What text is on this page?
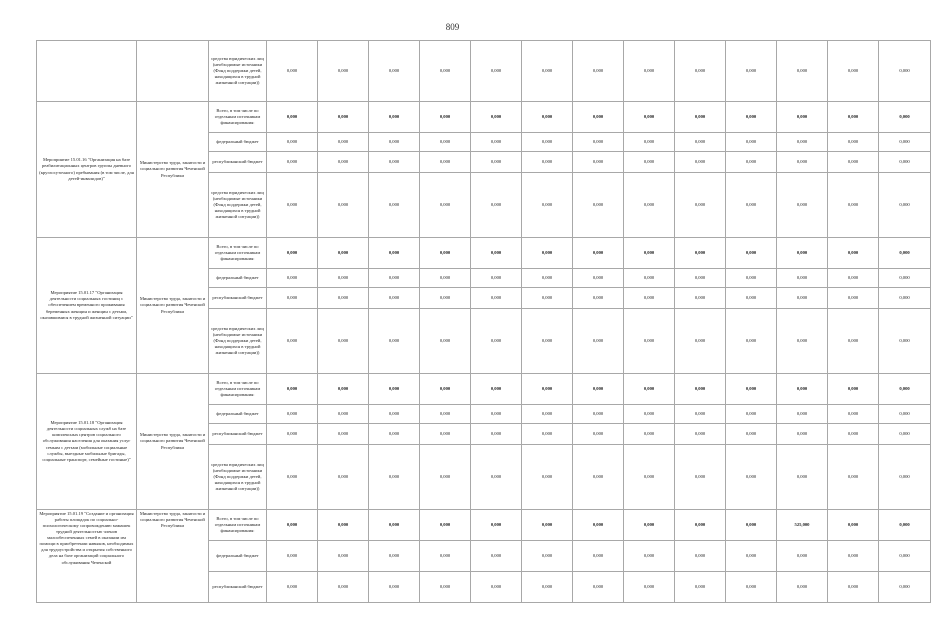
809
		средства юридических лиц (необходимые источники (Фонд поддержки детей, находящихся в трудной жизненной ситуации))	0,000	0,000	0,000	0,000	0,000	0,000	0,000	0,000	0,000	0,000	0,000	0,000	0,000
Мероприятие 15.01.16 "Организация на базе реабилитационных центров группы дневного (круглосуточного) пребывания (в том числе, для детей-инвалидов)"	Министерство труда, занятости и социального развития Чеченской Республики	Всего, в том числе по отдельным источникам финансирования:	0,000	0,000	0,000	0,000	0,000	0,000	0,000	0,000	0,000	0,000	0,000	0,000	0,000
		федеральный бюджет	0,000	0,000	0,000	0,000	0,000	0,000	0,000	0,000	0,000	0,000	0,000	0,000	0,000
		республиканский бюджет	0,000	0,000	0,000	0,000	0,000	0,000	0,000	0,000	0,000	0,000	0,000	0,000	0,000
		средства юридических лиц (необходимые источники (Фонд поддержки детей, находящихся в трудной жизненной ситуации))	0,000	0,000	0,000	0,000	0,000	0,000	0,000	0,000	0,000	0,000	0,000	0,000	0,000
Мероприятие 15.01.17 "Организация деятельности социальных гостиниц с обеспечением временного проживания беременных женщин и женщин с детьми, оказавшимися в трудной жизненной ситуации"	Министерство труда, занятости и социального развития Чеченской Республики	Всего, в том числе по отдельным источникам финансирования:	0,000	0,000	0,000	0,000	0,000	0,000	0,000	0,000	0,000	0,000	0,000	0,000	0,000
		федеральный бюджет	0,000	0,000	0,000	0,000	0,000	0,000	0,000	0,000	0,000	0,000	0,000	0,000	0,000
		республиканский бюджет	0,000	0,000	0,000	0,000	0,000	0,000	0,000	0,000	0,000	0,000	0,000	0,000	0,000
		средства юридических лиц (необходимые источники (Фонд поддержки детей, находящихся в трудной жизненной ситуации))	0,000	0,000	0,000	0,000	0,000	0,000	0,000	0,000	0,000	0,000	0,000	0,000	0,000
Мероприятие 15.01.18 "Организация деятельности социальных служб на базе комплексных центров социального обслуживания населения для оказания услуг семьям с детьми (мобильные социальные службы, выездные мобильные бригады, социальные транспорт, семейные гостиные)"	Министерство труда, занятости и социального развития Чеченской Республики	Всего, в том числе по отдельным источникам финансирования:	0,000	0,000	0,000	0,000	0,000	0,000	0,000	0,000	0,000	0,000	0,000	0,000	0,000
		федеральный бюджет	0,000	0,000	0,000	0,000	0,000	0,000	0,000	0,000	0,000	0,000	0,000	0,000	0,000
		республиканский бюджет	0,000	0,000	0,000	0,000	0,000	0,000	0,000	0,000	0,000	0,000	0,000	0,000	0,000
		средства юридических лиц (необходимые источники (Фонд поддержки детей, находящихся в трудной жизненной ситуации))	0,000	0,000	0,000	0,000	0,000	0,000	0,000	0,000	0,000	0,000	0,000	0,000	0,000
Мероприятие 15.01.19 "Создание и организация работы площадок по социально-психологическому сопровождению мамашек трудной деятельностью членов малообеспеченных семей в оказании им помощи в приобретении навыков, необходимых для трудоустройства и открытия собственного дела на базе организаций социального обслуживания Чеченской	Министерство труда, занятости и социального развития Чеченской Республики	Всего, в том числе по отдельным источникам финансирования:	0,000	0,000	0,000	0,000	0,000	0,000	0,000	0,000	0,000	0,000	525,000	0,000	0,000
		федеральный бюджет	0,000	0,000	0,000	0,000	0,000	0,000	0,000	0,000	0,000	0,000	0,000	0,000	0,000
		республиканский бюджет	0,000	0,000	0,000	0,000	0,000	0,000	0,000	0,000	0,000	0,000	0,000	0,000	0,000
